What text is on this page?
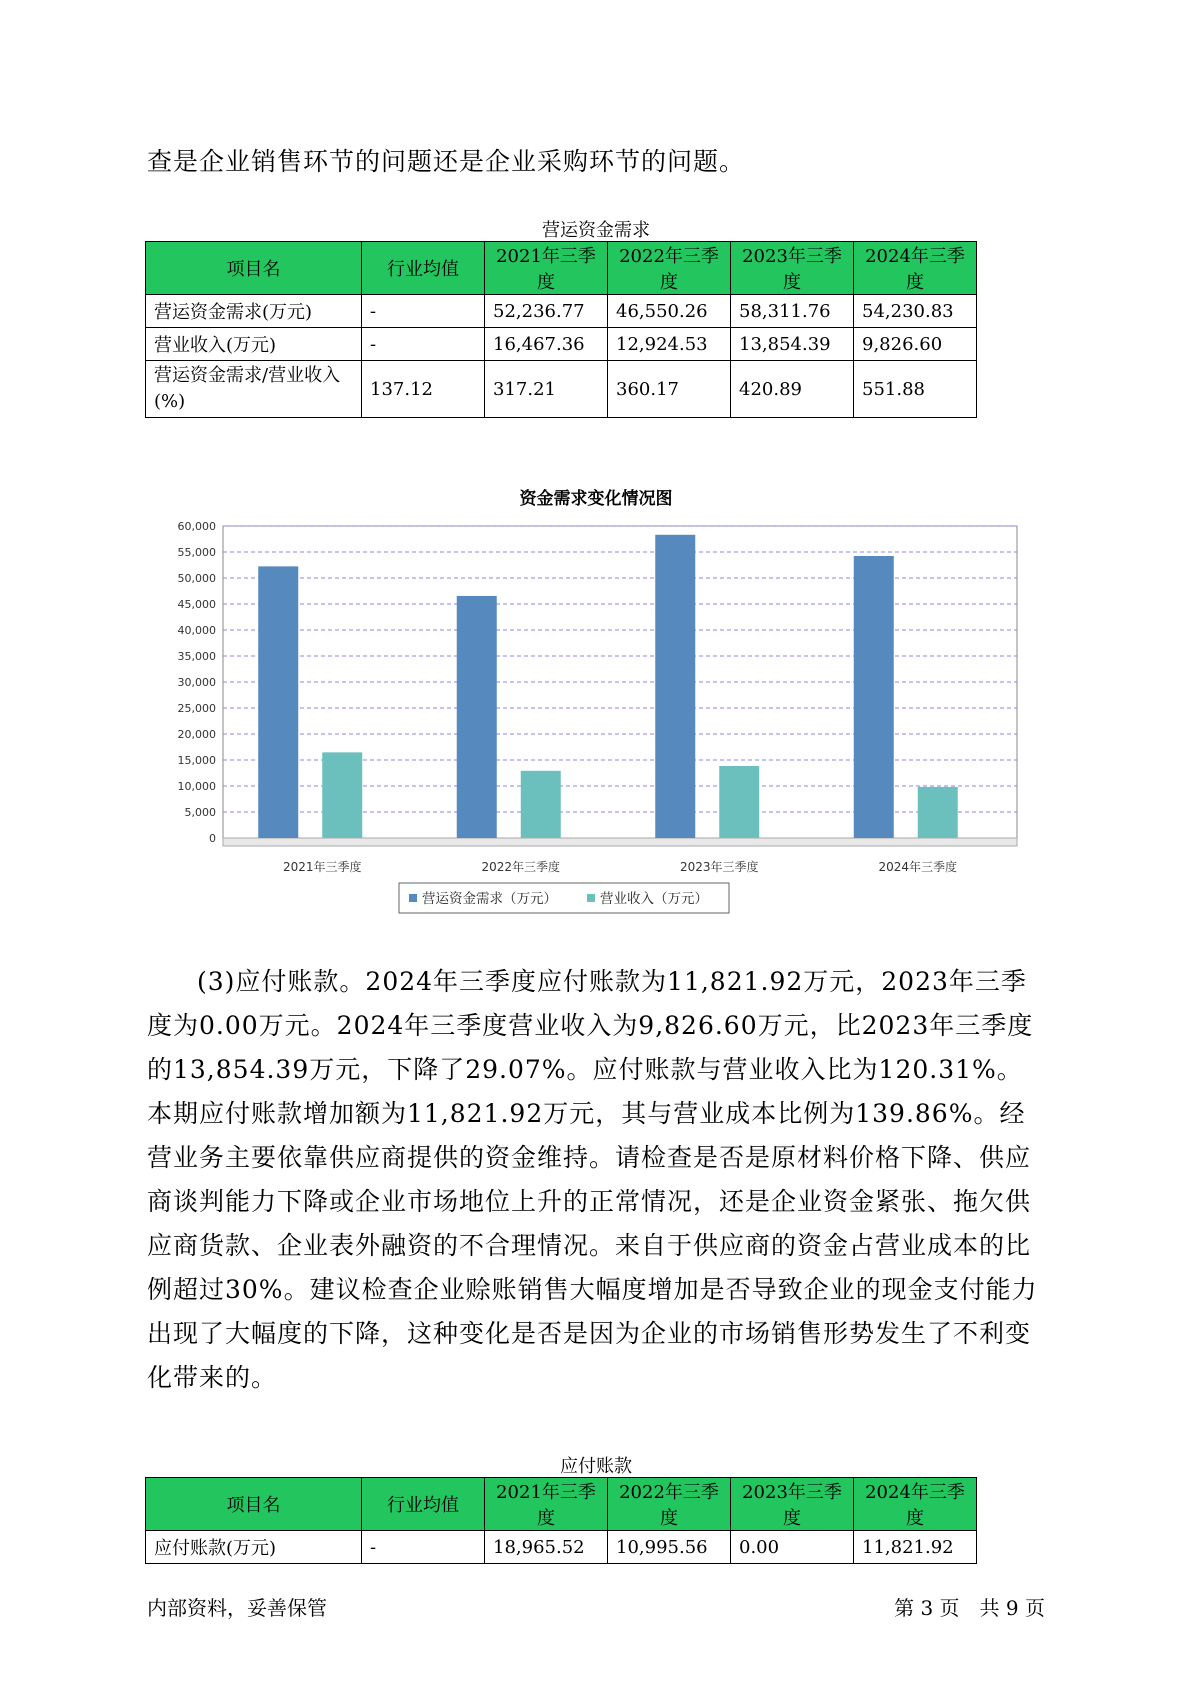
查是企业销售环节的问题还是企业采购环节的问题。

营运资金需求

项目名	行业均值	2021年三季度	2022年三季度	2023年三季度	2024年三季度
营运资金需求(万元)	-	52,236.77	46,550.26	58,311.76	54,230.83
营业收入(万元)	-	16,467.36	12,924.53	13,854.39	9,826.60
营运资金需求/营业收入(%)	137.12	317.21	360.17	420.89	551.88

资金需求变化情况图

0
5,000
10,000
15,000
20,000
25,000
30,000
35,000
40,000
45,000
50,000
55,000
60,000
2021年三季度	2022年三季度	2023年三季度	2024年三季度
营运资金需求（万元）	营业收入（万元）

(3)应付账款。2024年三季度应付账款为11,821.92万元，2023年三季度为0.00万元。2024年三季度营业收入为9,826.60万元，比2023年三季度的13,854.39万元，下降了29.07%。应付账款与营业收入比为120.31%。本期应付账款增加额为11,821.92万元，其与营业成本比例为139.86%。经营业务主要依靠供应商提供的资金维持。请检查是否是原材料价格下降、供应商谈判能力下降或企业市场地位上升的正常情况，还是企业资金紧张、拖欠供应商货款、企业表外融资的不合理情况。来自于供应商的资金占营业成本的比例超过30%。建议检查企业赊账销售大幅度增加是否导致企业的现金支付能力出现了大幅度的下降，这种变化是否是因为企业的市场销售形势发生了不利变化带来的。

应付账款

项目名	行业均值	2021年三季度	2022年三季度	2023年三季度	2024年三季度
应付账款(万元)	-	18,965.52	10,995.56	0.00	11,821.92

内部资料，妥善保管	第 3 页　共 9 页
